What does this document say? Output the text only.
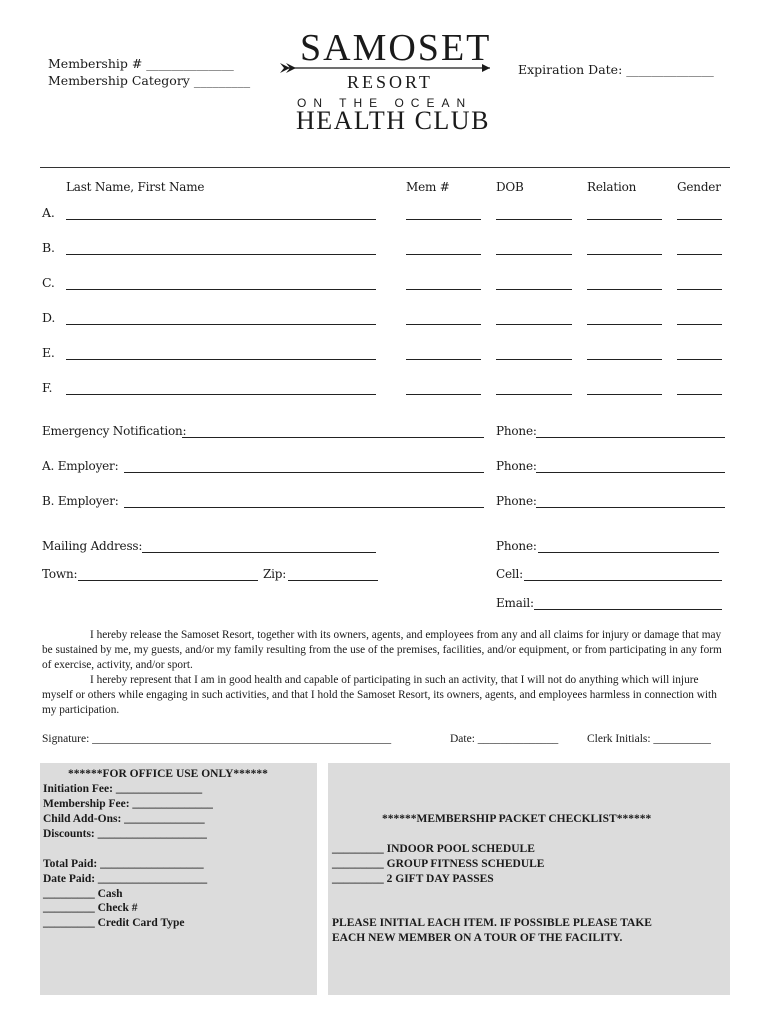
Membership # ______________
Membership Category _________
Expiration Date: ______________
SAMOSET
RESORT
ON THE OCEAN
HEALTH CLUB
Last Name, First Name	Mem #	DOB	Relation	Gender
A.
B.
C.
D.
E.
F.
Emergency Notification:	Phone:
A. Employer:	Phone:
B. Employer:	Phone:
Mailing Address:	Phone:
Town:	Zip:	Cell:
Email:

I hereby release the Samoset Resort, together with its owners, agents, and employees from any and all claims for injury or damage that may be sustained by me, my guests, and/or my family resulting from the use of the premises, facilities, and/or equipment, or from participating in any form of exercise, activity, and/or sport.

I hereby represent that I am in good health and capable of participating in such an activity, that I will not do anything which will injure myself or others while engaging in such activities, and that I hold the Samoset Resort, its owners, agents, and employees harmless in connection with my participation.

Signature: ____________________________________________________	Date: ______________ Clerk Initials: __________
******FOR OFFICE USE ONLY******
Initiation Fee: _______________
Membership Fee: ______________
Child Add-Ons: ______________
Discounts: ___________________
Total Paid: __________________
Date Paid: ___________________
_________ Cash
_________ Check #
_________ Credit Card Type
******MEMBERSHIP PACKET CHECKLIST******
_________ INDOOR POOL SCHEDULE
_________ GROUP FITNESS SCHEDULE
_________ 2 GIFT DAY PASSES
PLEASE INITIAL EACH ITEM. IF POSSIBLE PLEASE TAKE
EACH NEW MEMBER ON A TOUR OF THE FACILITY.
